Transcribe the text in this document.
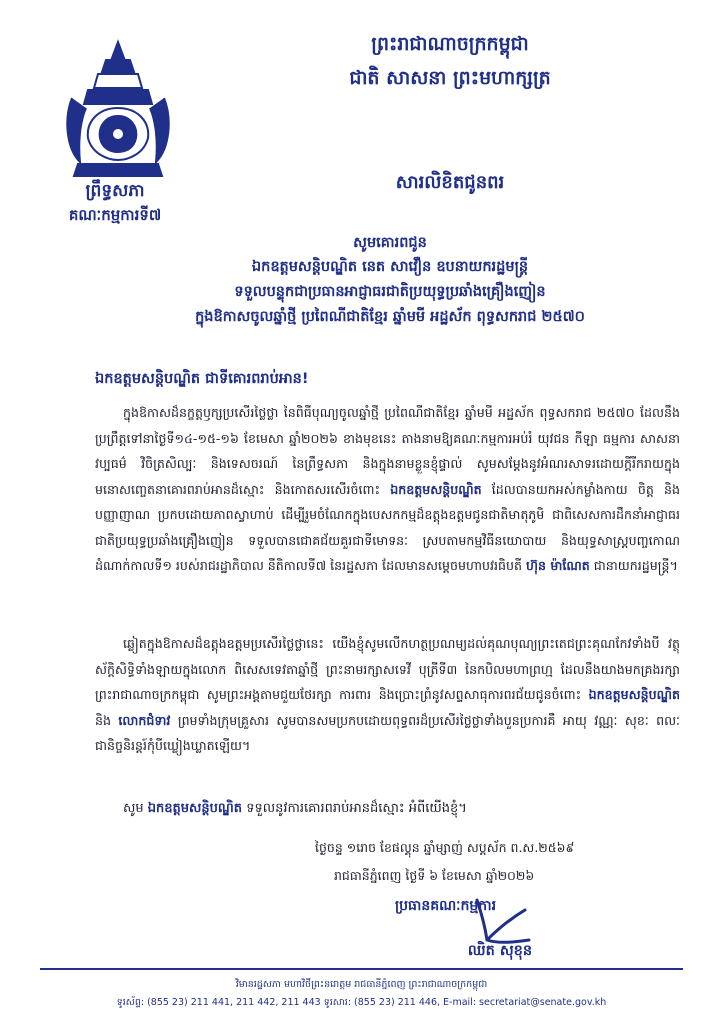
ព្រះរាជាណាចក្រកម្ពុជា
ជាតិ សាសនា ព្រះមហាក្សត្រ
ព្រឹទ្ធសភា
គណៈកម្មការទី៧
សារលិខិតជូនពរ
សូមគោរពជូន
ឯកឧត្តមសន្តិបណ្ឌិត នេត សាវឿន ឧបនាយករដ្ឋមន្ត្រី
ទទួលបន្ទុកជាប្រធានអាជ្ញាធរជាតិប្រយុទ្ធប្រឆាំងគ្រឿងញៀន
ក្នុងឱកាសចូលឆ្នាំថ្មី ប្រពៃណីជាតិខ្មែរ ឆ្នាំមមី អដ្ឋស័ក ពុទ្ធសករាជ ២៥៧០
ឯកឧត្តមសន្តិបណ្ឌិត ជាទីគោរពរាប់អាន!
ក្នុងឱកាសដ៏នក្ខត្តឫក្សប្រសើរថ្លៃថ្លា នៃពិធីបុណ្យចូលឆ្នាំថ្មី ប្រពៃណីជាតិខ្មែរ ឆ្នាំមមី អដ្ឋស័ក ពុទ្ធសករាជ ២៥៧០ ដែលនឹងប្រព្រឹត្តទៅនាថ្ងៃទី១៤-១៥-១៦ ខែមេសា ឆ្នាំ២០២៦ ខាងមុខនេះ តាងនាមឱ្យគណៈកម្មការអប់រំ យុវជន កីឡា ធម្មការ សាសនា វប្បធម៌ វិចិត្រសិល្បៈ និងទេសចរណ៍ នៃព្រឹទ្ធសភា និងក្នុងនាមខ្លួនខ្ញុំផ្ទាល់ សូមសម្តែងនូវអំណរសាទរដោយក្តីរីករាយក្នុងមនោសញ្ចេតនាគោរពរាប់អានដ៏ស្មោះ និងកោតសរសើរចំពោះ ឯកឧត្តមសន្តិបណ្ឌិត ដែលបានយកអស់កម្លាំងកាយ ចិត្ត និងបញ្ញាញាណ ប្រកបដោយភាពស្វាហាប់ ដើម្បីរួមចំណែកក្នុងបេសកកម្មដ៏ឧត្តុងឧត្តមជូនជាតិមាតុភូមិ ជាពិសេសការដឹកនាំអាជ្ញាធរជាតិប្រយុទ្ធប្រឆាំងគ្រឿងញៀន ទទួលបានជោគជ័យគួរជាទីមោទនៈ ស្របតាមកម្មវិធីនយោបាយ និងយុទ្ធសាស្ត្របញ្ចកោណ ដំណាក់កាលទី១ របស់រាជរដ្ឋាភិបាល នីតិកាលទី៧ នៃរដ្ឋសភា ដែលមានសម្តេចមហាបវរធិបតី ហ៊ុន ម៉ាណែត ជានាយករដ្ឋមន្ត្រី។
ឆ្លៀតក្នុងឱកាសដ៏ឧត្តុងឧត្តមប្រសើរថ្លៃថ្លានេះ យើងខ្ញុំសូមលើកហត្ថប្រណម្យដល់គុណបុណ្យព្រះតេជព្រះគុណកែវទាំងបី វត្ថុស័ក្តិសិទ្ធិទាំងឡាយក្នុងលោក ពិសេសទេវតាឆ្នាំថ្មី ព្រះនាមរក្សាសទេវី បុត្រីទី៣ នៃកបិលមហាព្រហ្ម ដែលនឹងយាងមកគ្រងរក្សាព្រះរាជាណាចក្រកម្ពុជា សូមព្រះអង្គតាមជួយថែរក្សា ការពារ និងប្រោះព្រំនូវសព្ទសាធុការពរជ័យជូនចំពោះ ឯកឧត្តមសន្តិបណ្ឌិត និង លោកជំទាវ ព្រមទាំងក្រុមគ្រួសារ សូមបានសមប្រកបដោយពុទ្ធពរដ៏ប្រសើរថ្លៃថ្លាទាំងបួនប្រការគឺ អាយុ វណ្ណៈ សុខៈ ពលៈ ជានិច្ចនិរន្តរ៍កុំបីឃ្លៀងឃ្លាតឡើយ។
សូម ឯកឧត្តមសន្តិបណ្ឌិត ទទួលនូវការគោរពរាប់អានដ៏ស្មោះ អំពីយើងខ្ញុំ។
ថ្ងៃចន្ទ ១រោច ខែផល្គុន ឆ្នាំម្សាញ់ សប្តស័ក ព.ស.២៥៦៩
រាជធានីភ្នំពេញ ថ្ងៃទី ៦ ខែមេសា ឆ្នាំ២០២៦
ប្រធានគណៈកម្មការ
ឈិត សុខុន
វិមានរដ្ឋសភា មហាវិថីព្រះនរោត្តម រាជធានីភ្នំពេញ ព្រះរាជាណាចក្រកម្ពុជា
ទូរស័ព្ទ: (855 23) 211 441, 211 442, 211 443 ទូរសារ: (855 23) 211 446, E-mail: secretariat@senate.gov.kh
